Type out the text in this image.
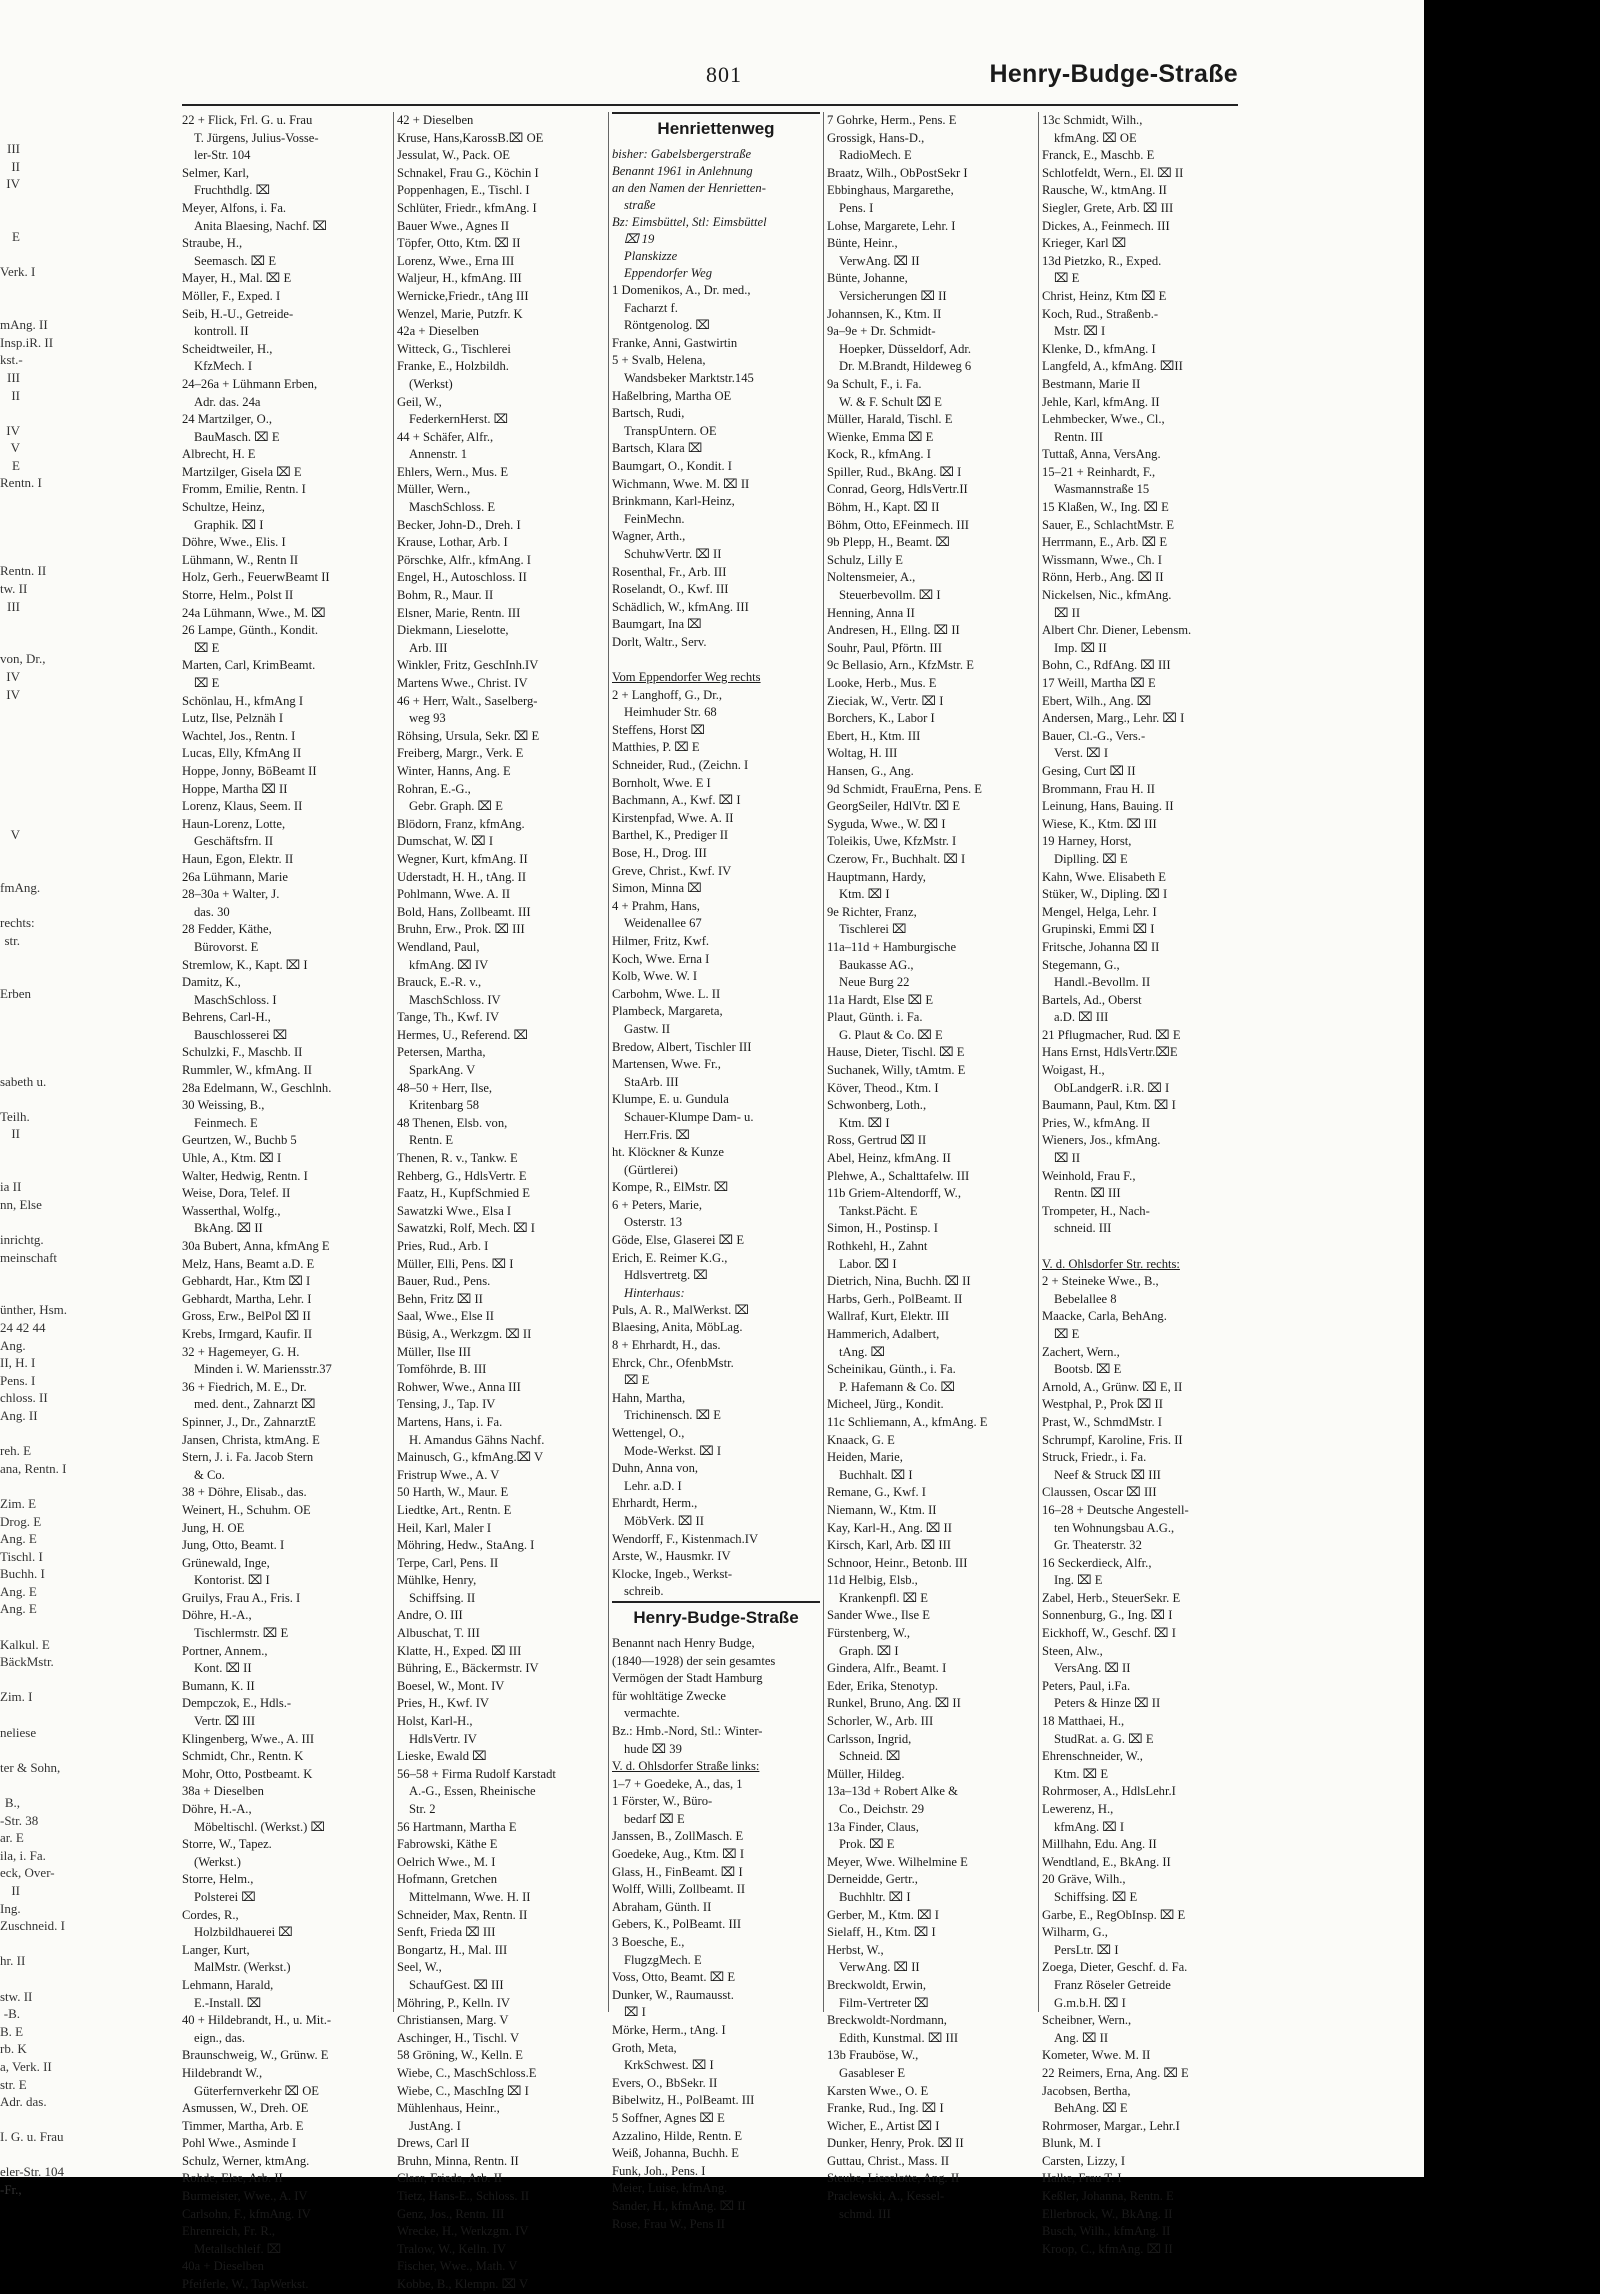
III
II
IV

E

Verk. I

mAng. II
Insp.iR. II
kst.-
III
II

IV
V
E
Rentn. I

Rentn. II
tw. II
III

von, Dr.,
IV
IV

V

fmAng.

rechts:
str.

Erben

sabeth u.

Teilh.
II

ia II
nn, Else

inrichtg.
meinschaft

ünther, Hsm.
24 42 44
Ang.
II, H. I
Pens. I
chloss. II
Ang. II

reh. E
ana, Rentn. I

Zim. E
Drog. E
Ang. E
Tischl. I
Buchh. I
Ang. E
Ang. E

Kalkul. E
BäckMstr.

Zim. I

neliese

ter & Sohn,

B.,
-Str. 38
ar. E
ila, i. Fa.
eck, Over-
II
Ing.
Zuschneid. I

hr. II

stw. II
-B.
B. E
rb. K
a, Verk. II
str. E
Adr. das.

I. G. u. Frau

eler-Str. 104
-Fr.,
801	Henry-Budge-Straße
22 + Flick, Frl. G. u. Frau
T. Jürgens, Julius-Vosse-
ler-Str. 104
Selmer, Karl,
Fruchthdlg. ⌧
Meyer, Alfons, i. Fa.
Anita Blaesing, Nachf. ⌧
Straube, H.,
Seemasch. ⌧ E
Mayer, H., Mal. ⌧ E
Möller, F., Exped. I
Seib, H.-U., Getreide-
kontroll. II
Scheidtweiler, H.,
KfzMech. I
24–26a + Lühmann Erben,
Adr. das. 24a
24 Martzilger, O.,
BauMasch. ⌧ E
Albrecht, H. E
Martzilger, Gisela ⌧ E
Fromm, Emilie, Rentn. I
Schultze, Heinz,
Graphik. ⌧ I
Döhre, Wwe., Elis. I
Lühmann, W., Rentn II
Holz, Gerh., FeuerwBeamt II
Storre, Helm., Polst II
24a Lühmann, Wwe., M. ⌧
26 Lampe, Günth., Kondit.
⌧ E
Marten, Carl, KrimBeamt.
⌧ E
Schönlau, H., kfmAng I
Lutz, Ilse, Pelznäh I
Wachtel, Jos., Rentn. I
Lucas, Elly, KfmAng II
Hoppe, Jonny, BöBeamt II
Hoppe, Martha ⌧ II
Lorenz, Klaus, Seem. II
Haun-Lorenz, Lotte,
Geschäftsfrn. II
Haun, Egon, Elektr. II
26a Lühmann, Marie
28–30a + Walter, J.
das. 30
28 Fedder, Käthe,
Bürovorst. E
Stremlow, K., Kapt. ⌧ I
Damitz, K.,
MaschSchloss. I
Behrens, Carl-H.,
Bauschlosserei ⌧
Schulzki, F., Maschb. II
Rummler, W., kfmAng. II
28a Edelmann, W., Geschlnh.
30 Weissing, B.,
Feinmech. E
Geurtzen, W., Buchb 5
Uhle, A., Ktm. ⌧ I
Walter, Hedwig, Rentn. I
Weise, Dora, Telef. II
Wasserthal, Wolfg.,
BkAng. ⌧ II
30a Bubert, Anna, kfmAng E
Melz, Hans, Beamt a.D. E
Gebhardt, Har., Ktm ⌧ I
Gebhardt, Martha, Lehr. I
Gross, Erw., BelPol ⌧ II
Krebs, Irmgard, Kaufir. II
32 + Hagemeyer, G. H.
Minden i. W. Mariensstr.37
36 + Fiedrich, M. E., Dr.
med. dent., Zahnarzt ⌧
Spinner, J., Dr., ZahnarztE
Jansen, Christa, ktmAng. E
Stern, J. i. Fa. Jacob Stern
& Co.
38 + Döhre, Elisab., das.
Weinert, H., Schuhm. OE
Jung, H. OE
Jung, Otto, Beamt. I
Grünewald, Inge,
Kontorist. ⌧ I
Gruilys, Frau A., Fris. I
Döhre, H.-A.,
Tischlermstr. ⌧ E
Portner, Annem.,
Kont. ⌧ II
Bumann, K. II
Dempczok, E., Hdls.-
Vertr. ⌧ III
Klingenberg, Wwe., A. III
Schmidt, Chr., Rentn. K
Mohr, Otto, Postbeamt. K
38a + Dieselben
Döhre, H.-A.,
Möbeltischl. (Werkst.) ⌧
Storre, W., Tapez.
(Werkst.)
Storre, Helm.,
Polsterei ⌧
Cordes, R.,
Holzbildhauerei ⌧
Langer, Kurt,
MalMstr. (Werkst.)
Lehmann, Harald,
E.-Install. ⌧
40 + Hildebrandt, H., u. Mit.-
eign., das.
Braunschweig, W., Grünw. E
Hildebrandt W.,
Güterfernverkehr ⌧ OE
Asmussen, W., Dreh. OE
Timmer, Martha, Arb. E
Pohl Wwe., Asminde I
Schulz, Werner, ktmAng.
Rohde, Else, Arb. II
Burmeister, Wwe., A. IV
Carlsohn, F., kfmAng. IV
Ehrenreich, Fr. R.,
Metallschleif. ⌧
40a + Dieselben
Pfeiferle, W., TapWerkst.
42 + Dieselben
Kruse, Hans,KarossB.⌧ OE
Jessulat, W., Pack. OE
Schnakel, Frau G., Köchin I
Poppenhagen, E., Tischl. I
Schlüter, Friedr., kfmAng. I
Bauer Wwe., Agnes II
Töpfer, Otto, Ktm. ⌧ II
Lorenz, Wwe., Erna III
Waljeur, H., kfmAng. III
Wernicke,Friedr., tAng III
Wenzel, Marie, Putzfr. K
42a + Dieselben
Witteck, G., Tischlerei
Franke, E., Holzbildh.
(Werkst)
Geil, W.,
FederkernHerst. ⌧
44 + Schäfer, Alfr.,
Annenstr. 1
Ehlers, Wern., Mus. E
Müller, Wern.,
MaschSchloss. E
Becker, John-D., Dreh. I
Krause, Lothar, Arb. I
Pörschke, Alfr., kfmAng. I
Engel, H., Autoschloss. II
Bohm, R., Maur. II
Elsner, Marie, Rentn. III
Diekmann, Lieselotte,
Arb. III
Winkler, Fritz, GeschInh.IV
Martens Wwe., Christ. IV
46 + Herr, Walt., Saselberg-
weg 93
Röhsing, Ursula, Sekr. ⌧ E
Freiberg, Margr., Verk. E
Winter, Hanns, Ang. E
Rohran, E.-G.,
Gebr. Graph. ⌧ E
Blödorn, Franz, kfmAng.
Dumschat, W. ⌧ I
Wegner, Kurt, kfmAng. II
Uderstadt, H. H., tAng. II
Pohlmann, Wwe. A. II
Bold, Hans, Zollbeamt. III
Bruhn, Erw., Prok. ⌧ III
Wendland, Paul,
kfmAng. ⌧ IV
Brauck, E.-R. v.,
MaschSchloss. IV
Tange, Th., Kwf. IV
Hermes, U., Referend. ⌧
Petersen, Martha,
SparkAng. V
48–50 + Herr, Ilse,
Kritenbarg 58
48 Thenen, Elsb. von,
Rentn. E
Thenen, R. v., Tankw. E
Rehberg, G., HdlsVertr. E
Faatz, H., KupfSchmied E
Sawatzki Wwe., Elsa I
Sawatzki, Rolf, Mech. ⌧ I
Pries, Rud., Arb. I
Müller, Elli, Pens. ⌧ I
Bauer, Rud., Pens.
Behn, Fritz ⌧ II
Saal, Wwe., Else II
Büsig, A., Werkzgm. ⌧ II
Müller, Ilse III
Tomföhrde, B. III
Rohwer, Wwe., Anna III
Tensing, J., Tap. IV
Martens, Hans, i. Fa.
H. Amandus Gähns Nachf.
Mainusch, G., kfmAng.⌧ V
Fristrup Wwe., A. V
50 Harth, W., Maur. E
Liedtke, Art., Rentn. E
Heil, Karl, Maler I
Möhring, Hedw., StaAng. I
Terpe, Carl, Pens. II
Mühlke, Henry,
Schiffsing. II
Andre, O. III
Albuschat, T. III
Klatte, H., Exped. ⌧ III
Bühring, E., Bäckermstr. IV
Boesel, W., Mont. IV
Pries, H., Kwf. IV
Holst, Karl-H.,
HdlsVertr. IV
Lieske, Ewald ⌧
56–58 + Firma Rudolf Karstadt
A.-G., Essen, Rheinische
Str. 2
56 Hartmann, Martha E
Fabrowski, Käthe E
Oelrich Wwe., M. I
Hofmann, Gretchen
Mittelmann, Wwe. H. II
Schneider, Max, Rentn. II
Senft, Frieda ⌧ III
Bongartz, H., Mal. III
Seel, W.,
SchaufGest. ⌧ III
Möhring, P., Kelln. IV
Christiansen, Marg. V
Aschinger, H., Tischl. V
58 Gröning, W., Kelln. E
Wiebe, C., MaschSchloss.E
Wiebe, C., MaschIng ⌧ I
Mühlenhaus, Heinr.,
JustAng. I
Drews, Carl II
Bruhn, Minna, Rentn. II
Claar, Frieda, Arb. II
Tietz, Hans-E., Schloss. II
Genz, Jos., Rentn. III
Wrecke, H., Werkzgm. IV
Tralow, W., Kelln. IV
Fischer, Wwe., Math. V
Kobbe, B., Klempn. ⌧ V
Henriettenweg
bisher: Gabelsbergerstraße
Benannt 1961 in Anlehnung
an den Namen der Henrietten-
straße
Bz: Eimsbüttel, Stl: Eimsbüttel
⌧ 19
Planskizze
Eppendorfer Weg
1 Domenikos, A., Dr. med.,
Facharzt f.
Röntgenolog. ⌧
Franke, Anni, Gastwirtin
5 + Svalb, Helena,
Wandsbeker Marktstr.145
Haßelbring, Martha OE
Bartsch, Rudi,
TranspUntern. OE
Bartsch, Klara ⌧
Baumgart, O., Kondit. I
Wichmann, Wwe. M. ⌧ II
Brinkmann, Karl-Heinz,
FeinMechn.
Wagner, Arth.,
SchuhwVertr. ⌧ II
Rosenthal, Fr., Arb. III
Roselandt, O., Kwf. III
Schädlich, W., kfmAng. III
Baumgart, Ina ⌧
Dorlt, Waltr., Serv.

Vom Eppendorfer Weg rechts
2 + Langhoff, G., Dr.,
Heimhuder Str. 68
Steffens, Horst ⌧
Matthies, P. ⌧ E
Schneider, Rud., (Zeichn. I
Bornholt, Wwe. E I
Bachmann, A., Kwf. ⌧ I
Kirstenpfad, Wwe. A. II
Barthel, K., Prediger II
Bose, H., Drog. III
Greve, Christ., Kwf. IV
Simon, Minna ⌧
4 + Prahm, Hans,
Weidenallee 67
Hilmer, Fritz, Kwf.
Koch, Wwe. Erna I
Kolb, Wwe. W. I
Carbohm, Wwe. L. II
Plambeck, Margareta,
Gastw. II
Bredow, Albert, Tischler III
Martensen, Wwe. Fr.,
StaArb. III
Klumpe, E. u. Gundula
Schauer-Klumpe Dam- u.
Herr.Fris. ⌧
ht. Klöckner & Kunze
(Gürtlerei)
Kompe, R., ElMstr. ⌧
6 + Peters, Marie,
Osterstr. 13
Göde, Else, Glaserei ⌧ E
Erich, E. Reimer K.G.,
Hdlsvertretg. ⌧
Hinterhaus:
Puls, A. R., MalWerkst. ⌧
Blaesing, Anita, MöbLag.
8 + Ehrhardt, H., das.
Ehrck, Chr., OfenbMstr.
⌧ E
Hahn, Martha,
Trichinensch. ⌧ E
Wettengel, O.,
Mode-Werkst. ⌧ I
Duhn, Anna von,
Lehr. a.D. I
Ehrhardt, Herm.,
MöbVerk. ⌧ II
Wendorff, F., Kistenmach.IV
Arste, W., Hausmkr. IV
Klocke, Ingeb., Werkst-
schreib.
Henry-Budge-Straße
Benannt nach Henry Budge,
(1840—1928) der sein gesamtes
Vermögen der Stadt Hamburg
für wohltätige Zwecke
vermachte.
Bz.: Hmb.-Nord, Stl.: Winter-
hude ⌧ 39
V. d. Ohlsdorfer Straße links:
1–7 + Goedeke, A., das, 1
1 Förster, W., Büro-
bedarf ⌧ E
Janssen, B., ZollMasch. E
Goedeke, Aug., Ktm. ⌧ I
Glass, H., FinBeamt. ⌧ I
Wolff, Willi, Zollbeamt. II
Abraham, Günth. II
Gebers, K., PolBeamt. III
3 Boesche, E.,
FlugzgMech. E
Voss, Otto, Beamt. ⌧ E
Dunker, W., Raumausst.
⌧ I
Mörke, Herm., tAng. I
Groth, Meta,
KrkSchwest. ⌧ I
Evers, O., BbSekr. II
Bibelwitz, H., PolBeamt. III
5 Soffner, Agnes ⌧ E
Azzalino, Hilde, Rentn. E
Weiß, Johanna, Buchh. E
Funk, Joh., Pens. I
Meier, Luise, kfmAng.
Sander, H., kfmAng. ⌧ II
Rose, Frau W., Pens II
7 Gohrke, Herm., Pens. E
Grossigk, Hans-D.,
RadioMech. E
Braatz, Wilh., ObPostSekr I
Ebbinghaus, Margarethe,
Pens. I
Lohse, Margarete, Lehr. I
Bünte, Heinr.,
VerwAng. ⌧ II
Bünte, Johanne,
Versicherungen ⌧ II
Johannsen, K., Ktm. II
9a–9e + Dr. Schmidt-
Hoepker, Düsseldorf, Adr.
Dr. M.Brandt, Hildeweg 6
9a Schult, F., i. Fa.
W. & F. Schult ⌧ E
Müller, Harald, Tischl. E
Wienke, Emma ⌧ E
Kock, R., kfmAng. I
Spiller, Rud., BkAng. ⌧ I
Conrad, Georg, HdlsVertr.II
Böhm, H., Kapt. ⌧ II
Böhm, Otto, EFeinmech. III
9b Plepp, H., Beamt. ⌧
Schulz, Lilly E
Noltensmeier, A.,
Steuerbevollm. ⌧ I
Henning, Anna II
Andresen, H., Ellng. ⌧ II
Souhr, Paul, Pförtn. III
9c Bellasio, Arn., KfzMstr. E
Looke, Herb., Mus. E
Zieciak, W., Vertr. ⌧ I
Borchers, K., Labor I
Ebert, H., Ktm. III
Woltag, H. III
Hansen, G., Ang.
9d Schmidt, FrauErna, Pens. E
GeorgSeiler, HdlVtr. ⌧ E
Syguda, Wwe., W. ⌧ I
Toleikis, Uwe, KfzMstr. I
Czerow, Fr., Buchhalt. ⌧ I
Hauptmann, Hardy,
Ktm. ⌧ I
9e Richter, Franz,
Tischlerei ⌧
11a–11d + Hamburgische
Baukasse AG.,
Neue Burg 22
11a Hardt, Else ⌧ E
Plaut, Günth. i. Fa.
G. Plaut & Co. ⌧ E
Hause, Dieter, Tischl. ⌧ E
Suchanek, Willy, tAmtm. E
Köver, Theod., Ktm. I
Schwonberg, Loth.,
Ktm. ⌧ I
Ross, Gertrud ⌧ II
Abel, Heinz, kfmAng. II
Plehwe, A., Schalttafelw. III
11b Griem-Altendorff, W.,
Tankst.Pächt. E
Simon, H., Postinsp. I
Rothkehl, H., Zahnt
Labor. ⌧ I
Dietrich, Nina, Buchh. ⌧ II
Harbs, Gerh., PolBeamt. II
Wallraf, Kurt, Elektr. III
Hammerich, Adalbert,
tAng. ⌧
Scheinikau, Günth., i. Fa.
P. Hafemann & Co. ⌧
Micheel, Jürg., Kondit.
11c Schliemann, A., kfmAng. E
Knaack, G. E
Heiden, Marie,
Buchhalt. ⌧ I
Remane, G., Kwf. I
Niemann, W., Ktm. II
Kay, Karl-H., Ang. ⌧ II
Kirsch, Karl, Arb. ⌧ III
Schnoor, Heinr., Betonb. III
11d Helbig, Elsb.,
Krankenpfl. ⌧ E
Sander Wwe., Ilse E
Fürstenberg, W.,
Graph. ⌧ I
Gindera, Alfr., Beamt. I
Eder, Erika, Stenotyp.
Runkel, Bruno, Ang. ⌧ II
Schorler, W., Arb. III
Carlsson, Ingrid,
Schneid. ⌧
Müller, Hildeg.
13a–13d + Robert Alke &
Co., Deichstr. 29
13a Finder, Claus,
Prok. ⌧ E
Meyer, Wwe. Wilhelmine E
Derneidde, Gertr.,
Buchhltr. ⌧ I
Gerber, M., Ktm. ⌧ I
Sielaff, H., Ktm. ⌧ I
Herbst, W.,
VerwAng. ⌧ II
Breckwoldt, Erwin,
Film-Vertreter ⌧
Breckwoldt-Nordmann,
Edith, Kunstmal. ⌧ III
13b Frauböse, W.,
Gasableser E
Karsten Wwe., O. E
Franke, Rud., Ing. ⌧ I
Wicher, E., Artist ⌧ I
Dunker, Henry, Prok. ⌧ II
Guttau, Christ., Mass. II
Steube, Lieselotte, Ang. II
Praclewski, A., Kessel-
schmd. III
13c Schmidt, Wilh.,
kfmAng. ⌧ OE
Franck, E., Maschb. E
Schlotfeldt, Wern., El. ⌧ II
Rausche, W., ktmAng. II
Siegler, Grete, Arb. ⌧ III
Dickes, A., Feinmech. III
Krieger, Karl ⌧
13d Pietzko, R., Exped.
⌧ E
Christ, Heinz, Ktm ⌧ E
Koch, Rud., Straßenb.-
Mstr. ⌧ I
Klenke, D., kfmAng. I
Langfeld, A., kfmAng. ⌧II
Bestmann, Marie II
Jehle, Karl, kfmAng. II
Lehmbecker, Wwe., Cl.,
Rentn. III
Tuttaß, Anna, VersAng.
15–21 + Reinhardt, F.,
Wasmannstraße 15
15 Klaßen, W., Ing. ⌧ E
Sauer, E., SchlachtMstr. E
Herrmann, E., Arb. ⌧ E
Wissmann, Wwe., Ch. I
Rönn, Herb., Ang. ⌧ II
Nickelsen, Nic., kfmAng.
⌧ II
Albert Chr. Diener, Lebensm.
Imp. ⌧ II
Bohn, C., RdfAng. ⌧ III
17 Weill, Martha ⌧ E
Ebert, Wilh., Ang. ⌧
Andersen, Marg., Lehr. ⌧ I
Bauer, Cl.-G., Vers.-
Verst. ⌧ I
Gesing, Curt ⌧ II
Brommann, Frau H. II
Leinung, Hans, Bauing. II
Wiese, K., Ktm. ⌧ III
19 Harney, Horst,
Diplling. ⌧ E
Kahn, Wwe. Elisabeth E
Stüker, W., Dipling. ⌧ I
Mengel, Helga, Lehr. I
Grupinski, Emmi ⌧ I
Fritsche, Johanna ⌧ II
Stegemann, G.,
Handl.-Bevollm. II
Bartels, Ad., Oberst
a.D. ⌧ III
21 Pflugmacher, Rud. ⌧ E
Hans Ernst, HdlsVertr.⌧E
Woigast, H.,
ObLandgerR. i.R. ⌧ I
Baumann, Paul, Ktm. ⌧ I
Pries, W., kfmAng. II
Wieners, Jos., kfmAng.
⌧ II
Weinhold, Frau F.,
Rentn. ⌧ III
Trompeter, H., Nach-
schneid. III

V. d. Ohlsdorfer Str. rechts:
2 + Steineke Wwe., B.,
Bebelallee 8
Maacke, Carla, BehAng.
⌧ E
Zachert, Wern.,
Bootsb. ⌧ E
Arnold, A., Grünw. ⌧ E, II
Westphal, P., Prok ⌧ II
Prast, W., SchmdMstr. I
Schrumpf, Karoline, Fris. II
Struck, Friedr., i. Fa.
Neef & Struck ⌧ III
Claussen, Oscar ⌧ III
16–28 + Deutsche Angestell-
ten Wohnungsbau A.G.,
Gr. Theaterstr. 32
16 Seckerdieck, Alfr.,
Ing. ⌧ E
Zabel, Herb., SteuerSekr. E
Sonnenburg, G., Ing. ⌧ I
Eickhoff, W., Geschf. ⌧ I
Steen, Alw.,
VersAng. ⌧ II
Peters, Paul, i.Fa.
Peters & Hinze ⌧ II
18 Matthaei, H.,
StudRat. a. G. ⌧ E
Ehrenschneider, W.,
Ktm. ⌧ E
Rohrmoser, A., HdlsLehr.I
Lewerenz, H.,
kfmAng. ⌧ I
Millhahn, Edu. Ang. II
Wendtland, E., BkAng. II
20 Gräve, Wilh.,
Schiffsing. ⌧ E
Garbe, E., RegObInsp. ⌧ E
Wilharm, G.,
PersLtr. ⌧ I
Zoega, Dieter, Geschf. d. Fa.
Franz Röseler Getreide
G.m.b.H. ⌧ I
Scheibner, Wern.,
Ang. ⌧ II
Kometer, Wwe. M. II
22 Reimers, Erna, Ang. ⌧ E
Jacobsen, Bertha,
BehAng. ⌧ E
Rohrmoser, Margar., Lehr.I
Blunk, M. I
Carsten, Lizzy, I
Halke, Frau T. I
Keßler, Johanna, Rentn. E
Ellerbrock, W., BkAng. II
Busch, Wilh., kfmAng. II
Kroop, C., kfmAng. ⌧ II
